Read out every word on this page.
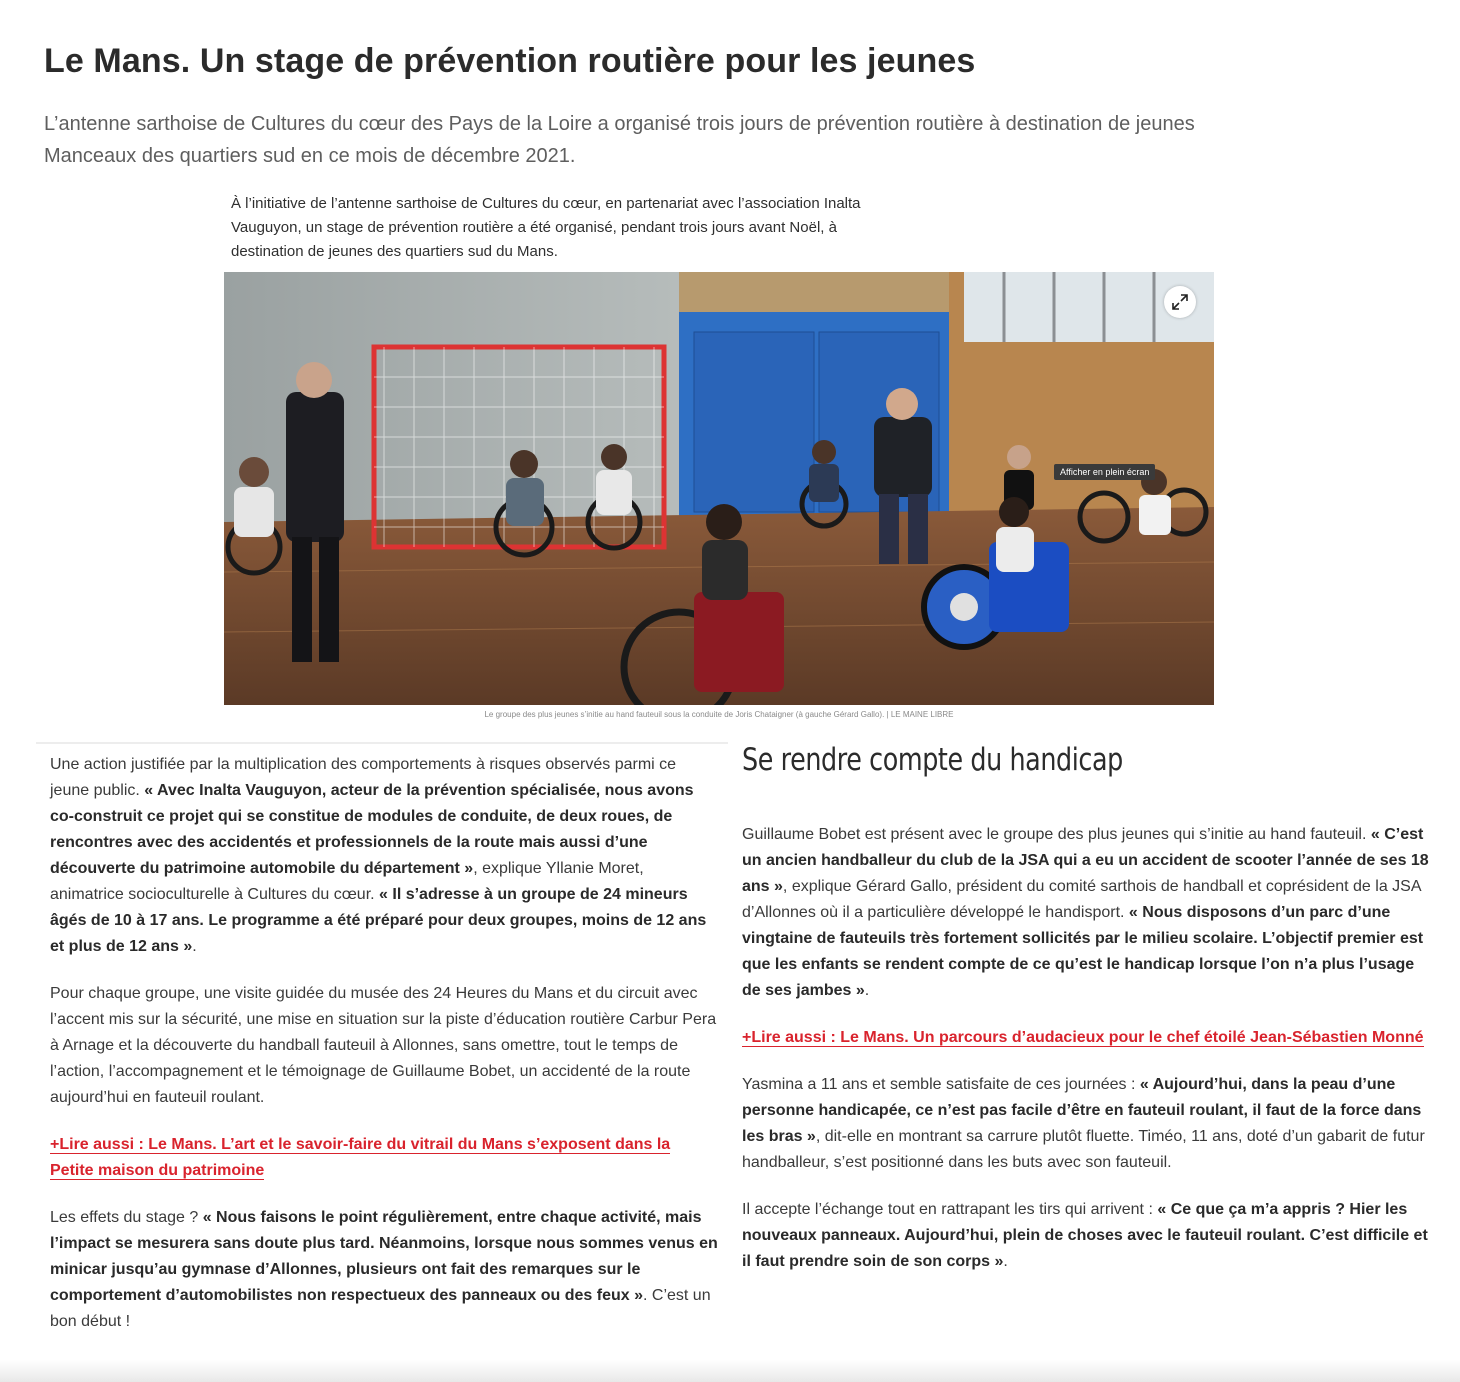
Le Mans. Un stage de prévention routière pour les jeunes

L’antenne sarthoise de Cultures du cœur des Pays de la Loire a organisé trois jours de prévention routière à destination de jeunes Manceaux des quartiers sud en ce mois de décembre 2021.

À l’initiative de l’antenne sarthoise de Cultures du cœur, en partenariat avec l’association Inalta Vauguyon, un stage de prévention routière a été organisé, pendant trois jours avant Noël, à destination de jeunes des quartiers sud du Mans.

Afficher en plein écran

Le groupe des plus jeunes s’initie au hand fauteuil sous la conduite de Joris Chataigner (à gauche Gérard Gallo). | LE MAINE LIBRE

Une action justifiée par la multiplication des comportements à risques observés parmi ce jeune public. « Avec Inalta Vauguyon, acteur de la prévention spécialisée, nous avons co-construit ce projet qui se constitue de modules de conduite, de deux roues, de rencontres avec des accidentés et professionnels de la route mais aussi d’une découverte du patrimoine automobile du département », explique Yllanie Moret, animatrice socioculturelle à Cultures du cœur. « Il s’adresse à un groupe de 24 mineurs âgés de 10 à 17 ans. Le programme a été préparé pour deux groupes, moins de 12 ans et plus de 12 ans ».

Pour chaque groupe, une visite guidée du musée des 24 Heures du Mans et du circuit avec l’accent mis sur la sécurité, une mise en situation sur la piste d’éducation routière Carbur Pera à Arnage et la découverte du handball fauteuil à Allonnes, sans omettre, tout le temps de l’action, l’accompagnement et le témoignage de Guillaume Bobet, un accidenté de la route aujourd’hui en fauteuil roulant.

+Lire aussi : Le Mans. L’art et le savoir-faire du vitrail du Mans s’exposent dans la Petite maison du patrimoine

Les effets du stage ? « Nous faisons le point régulièrement, entre chaque activité, mais l’impact se mesurera sans doute plus tard. Néanmoins, lorsque nous sommes venus en minicar jusqu’au gymnase d’Allonnes, plusieurs ont fait des remarques sur le comportement d’automobilistes non respectueux des panneaux ou des feux ». C’est un bon début !

Se rendre compte du handicap

Guillaume Bobet est présent avec le groupe des plus jeunes qui s’initie au hand fauteuil. « C’est un ancien handballeur du club de la JSA qui a eu un accident de scooter l’année de ses 18 ans », explique Gérard Gallo, président du comité sarthois de handball et coprésident de la JSA d’Allonnes où il a particulière développé le handisport. « Nous disposons d’un parc d’une vingtaine de fauteuils très fortement sollicités par le milieu scolaire. L’objectif premier est que les enfants se rendent compte de ce qu’est le handicap lorsque l’on n’a plus l’usage de ses jambes ».

+Lire aussi : Le Mans. Un parcours d’audacieux pour le chef étoilé Jean-Sébastien Monné

Yasmina a 11 ans et semble satisfaite de ces journées : « Aujourd’hui, dans la peau d’une personne handicapée, ce n’est pas facile d’être en fauteuil roulant, il faut de la force dans les bras », dit-elle en montrant sa carrure plutôt fluette. Timéo, 11 ans, doté d’un gabarit de futur handballeur, s’est positionné dans les buts avec son fauteuil.

Il accepte l’échange tout en rattrapant les tirs qui arrivent : « Ce que ça m’a appris ? Hier les nouveaux panneaux. Aujourd’hui, plein de choses avec le fauteuil roulant. C’est difficile et il faut prendre soin de son corps ».
